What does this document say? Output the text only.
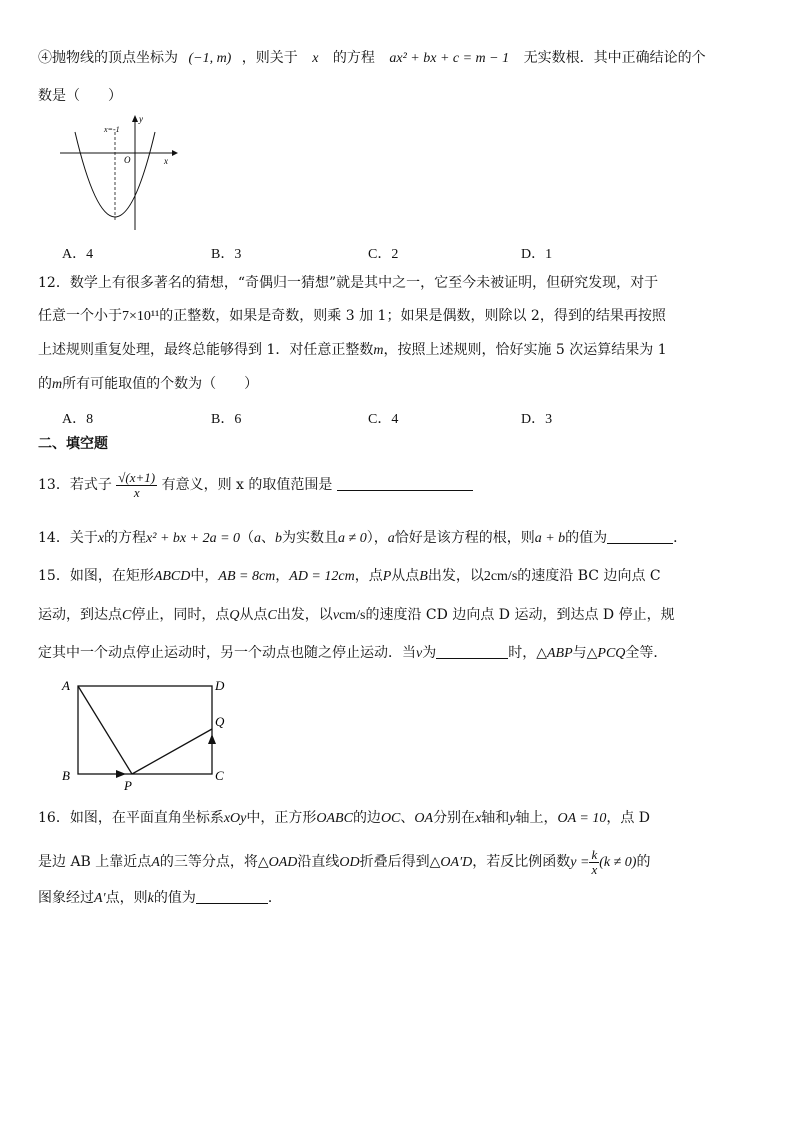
④抛物线的顶点坐标为 (−1, m) ，则关于 x 的方程 ax² + bx + c = m − 1 无实数根．其中正确结论的个
数是（　　）
x=-1
y
O	x
A．4	B．3	C．2	D．1
12．数学上有很多著名的猜想，“奇偶归一猜想”就是其中之一，它至今未被证明，但研究发现，对于
任意一个小于7×10¹¹的正整数，如果是奇数，则乘 3 加 1；如果是偶数，则除以 2，得到的结果再按照
上述规则重复处理，最终总能够得到 1．对任意正整数m，按照上述规则，恰好实施 5 次运算结果为 1
的m所有可能取值的个数为（　　）
A．8	B．6	C．4	D．3
二、填空题
13．若式子 $\frac{√(x+1)}{x}$ 有意义，则 x 的取值范围是
14．关于x的方程x² + bx + 2a = 0（a、b为实数且a ≠ 0），a恰好是该方程的根，则a + b的值为	．
15．如图，在矩形ABCD中，AB = 8cm，AD = 12cm，点P从点B出发，以2cm/s的速度沿 BC 边向点 C
运动，到达点C停止，同时，点Q从点C出发，以vcm/s的速度沿 CD 边向点 D 运动，到达点 D 停止，规
定其中一个动点停止运动时，另一个动点也随之停止运动．当v为	时，△ABP与△PCQ全等．
A	D
Q
B
P
C
16．如图，在平面直角坐标系xOy中，正方形OABC的边OC、OA分别在x轴和y轴上，OA = 10，点 D
是边 AB 上靠近点A的三等分点，将△OAD沿直线OD折叠后得到△OA′D，若反比例函数$y = \frac{k}{x} (k \ne 0)$的
图象经过A′点，则k的值为	．
